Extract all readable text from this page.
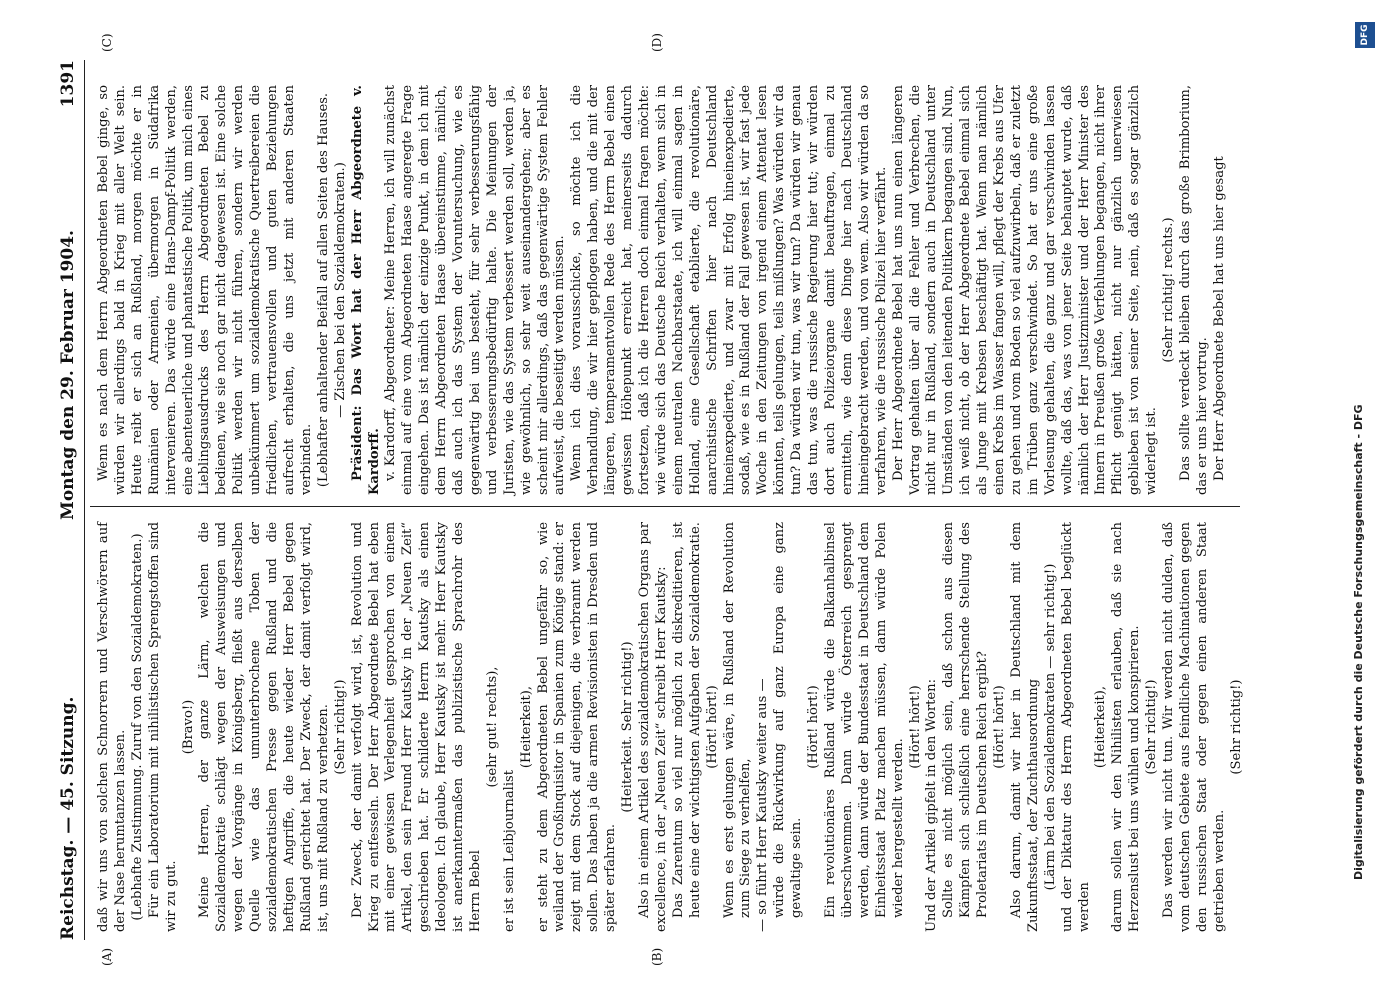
Reichstag. — 45. Sitzung.
Montag den 29. Februar 1904.
1391
(A)	(B)
(C)	(D)

daß wir uns von solchen Schnorrern und Verschwörern auf der Nase herumtanzen lassen. (Lebhafte Zustimmung. Zuruf von den Sozialdemokraten.) Für ein Laboratorium mit nihilistischen Sprengstoffen sind wir zu gut.

(Bravo!) Meine Herren, der ganze Lärm, welchen die Sozialdemokratie schlägt wegen der Ausweisungen und wegen der Vorgänge in Königsberg, fließt aus derselben Quelle wie das umunterbrochene Toben der sozialdemokratischen Presse gegen Rußland und die heftigen Angriffe, die heute wieder Herr Bebel gegen Rußland gerichtet hat. Der Zweck, der damit verfolgt wird, ist, uns mit Rußland zu verhetzen. (Sehr richtig!) Der Zweck, der damit verfolgt wird, ist, Revolution und Krieg zu entfesseln. Der Herr Abgeordnete Bebel hat eben mit einer gewissen Verlegenheit gesprochen von einem Artikel, den sein Freund Herr Kautsky in der „Neuen Zeit“ geschrieben hat. Er schilderte Herrn Kautsky als einen Ideologen. Ich glaube, Herr Kautsky ist mehr. Herr Kautsky ist anerkanntermaßen das publizistische Sprachrohr des Herrn Bebel

(sehr gut! rechts),

er ist sein Leibjournalist

(Heiterkeit), er steht zu dem Abgeordneten Bebel ungefähr so, wie weiland der Großinquisitor in Spanien zum Könige stand: er zeigt mit dem Stock auf diejenigen, die verbrannt werden sollen. Das haben ja die armen Revisionisten in Dresden und später erfahren.

(Heiterkeit. Sehr richtig!) Also in einem Artikel des sozialdemokratischen Organs par excellence, in der „Neuen Zeit“ schreibt Herr Kautsky: Das Zarentum so viel nur möglich zu diskreditieren, ist heute eine der wichtigsten Aufgaben der Sozialdemokratie. (Hört! hört!) Wenn es erst gelungen wäre, in Rußland der Revolution zum Siege zu verhelfen, — so führt Herr Kautsky weiter aus — würde die Rückwirkung auf ganz Europa eine ganz gewaltige sein.

(Hört! hört!) Ein revolutionäres Rußland würde die Balkanhalbinsel überschwemmen. Dann würde Österreich gesprengt werden, dann würde der Bundesstaat in Deutschland dem Einheitsstaat Platz machen müssen, dann würde Polen wieder hergestellt werden.

(Hört! hört!) Und der Artikel gipfelt in den Worten: Sollte es nicht möglich sein, daß schon aus diesen Kämpfen sich schließlich eine herrschende Stellung des Proletariats im Deutschen Reich ergibt? (Hört! hört!) Also darum, damit wir hier in Deutschland mit dem Zukunftsstaat, der Zuchthausordnung (Lärm bei den Sozialdemokraten — sehr richtig!) und der Diktatur des Herrn Abgeordneten Bebel beglückt werden

(Heiterkeit), darum sollen wir den Nihilisten erlauben, daß sie nach Herzenslust bei uns wühlen und konspirieren. (Sehr richtig!) Das werden wir nicht tun. Wir werden nicht dulden, daß vom deutschen Gebiete aus feindliche Machinationen gegen den russischen Staat oder gegen einen anderen Staat getrieben werden.

(Sehr richtig!)

Wenn es nach dem Herrn Abgeordneten Bebel ginge, so würden wir allerdings bald in Krieg mit aller Welt sein. Heute reibt er sich an Rußland, morgen möchte er in Rumänien oder Armenien, übermorgen in Südafrika intervenieren. Das würde eine Hans-Dampf-Politik werden, eine abenteuerliche und phantastische Politik, um mich eines Lieblingsausdrucks des Herrn Abgeordneten Bebel zu bedienen, wie sie noch gar nicht dagewesen ist. Eine solche Politik werden wir nicht führen, sondern wir werden unbekümmert um sozialdemokratische Quertreibereien die friedlichen, vertrauensvollen und guten Beziehungen aufrecht erhalten, die uns jetzt mit anderen Staaten verbinden. (Lebhafter anhaltender Beifall auf allen Seiten des Hauses. — Zischen bei den Sozialdemokraten.) Präsident: Das Wort hat der Herr Abgeordnete v. Kardorff. v. Kardorff, Abgeordneter: Meine Herren, ich will zunächst einmal auf eine vom Abgeordneten Haase angeregte Frage eingehen. Das ist nämlich der einzige Punkt, in dem ich mit dem Herrn Abgeordneten Haase übereinstimme, nämlich, daß auch ich das System der Voruntersuchung, wie es gegenwärtig bei uns besteht, für sehr verbesserungsfähig und verbesserungsbedürftig halte. Die Meinungen der Juristen, wie das System verbessert werden soll, werden ja, wie gewöhnlich, so sehr weit auseinandergehen; aber es scheint mir allerdings, daß das gegenwärtige System Fehler aufweist, die beseitigt werden müssen. Wenn ich dies vorausschicke, so möchte ich die Verhandlung, die wir hier gepflogen haben, und die mit der längeren, temperamentvollen Rede des Herrn Bebel einen gewissen Höhepunkt erreicht hat, meinerseits dadurch fortsetzen, daß ich die Herren doch einmal fragen möchte: wie würde sich das Deutsche Reich verhalten, wenn sich in einem neutralen Nachbarstaate, ich will einmal sagen in Holland, eine Gesellschaft etablierte, die revolutionäre, anarchistische Schriften hier nach Deutschland hineinexpedierte, und zwar mit Erfolg hineinexpedierte, sodaß, wie es in Rußland der Fall gewesen ist, wir fast jede Woche in den Zeitungen von irgend einem Attentat lesen könnten, teils gelungen, teils mißlungen? Was würden wir da tun? Da würden wir tun, was wir tun? Da würden wir genau das tun, was die russische Regierung hier tut; wir würden dort auch Polizeiorgane damit beauftragen, einmal zu ermitteln, wie denn diese Dinge hier nach Deutschland hineingebracht werden, und von wem. Also wir würden da so verfahren, wie die russische Polizei hier verfährt. Der Herr Abgeordnete Bebel hat uns nun einen längeren Vortrag gehalten über all die Fehler und Verbrechen, die nicht nur in Rußland, sondern auch in Deutschland unter Umständen von den leitenden Politikern begangen sind. Nun, ich weiß nicht, ob der Herr Abgeordnete Bebel einmal sich als Junge mit Krebsen beschäftigt hat. Wenn man nämlich einen Krebs im Wasser fangen will, pflegt der Krebs aus Ufer zu gehen und vom Boden so viel aufzuwirbeln, daß er zuletzt im Trüben ganz verschwindet. So hat er uns eine große Vorlesung gehalten, die ganz und gar verschwinden lassen wollte, daß das, was von jener Seite behauptet wurde, daß nämlich der Herr Justizminister und der Herr Minister des Innern in Preußen große Verfehlungen begangen, nicht ihrer Pflicht genügt hätten, nicht nur gänzlich unerwiesen geblieben ist von seiner Seite, nein, daß es sogar gänzlich widerlegt ist.

(Sehr richtig! rechts.) Das sollte verdeckt bleiben durch das große Brimborium, das er uns hier vortrug. Der Herr Abgeordnete Bebel hat uns hier gesagt

Digitalisierung gefördert durch die Deutsche Forschungsgemeinschaft - DFG
DFG
